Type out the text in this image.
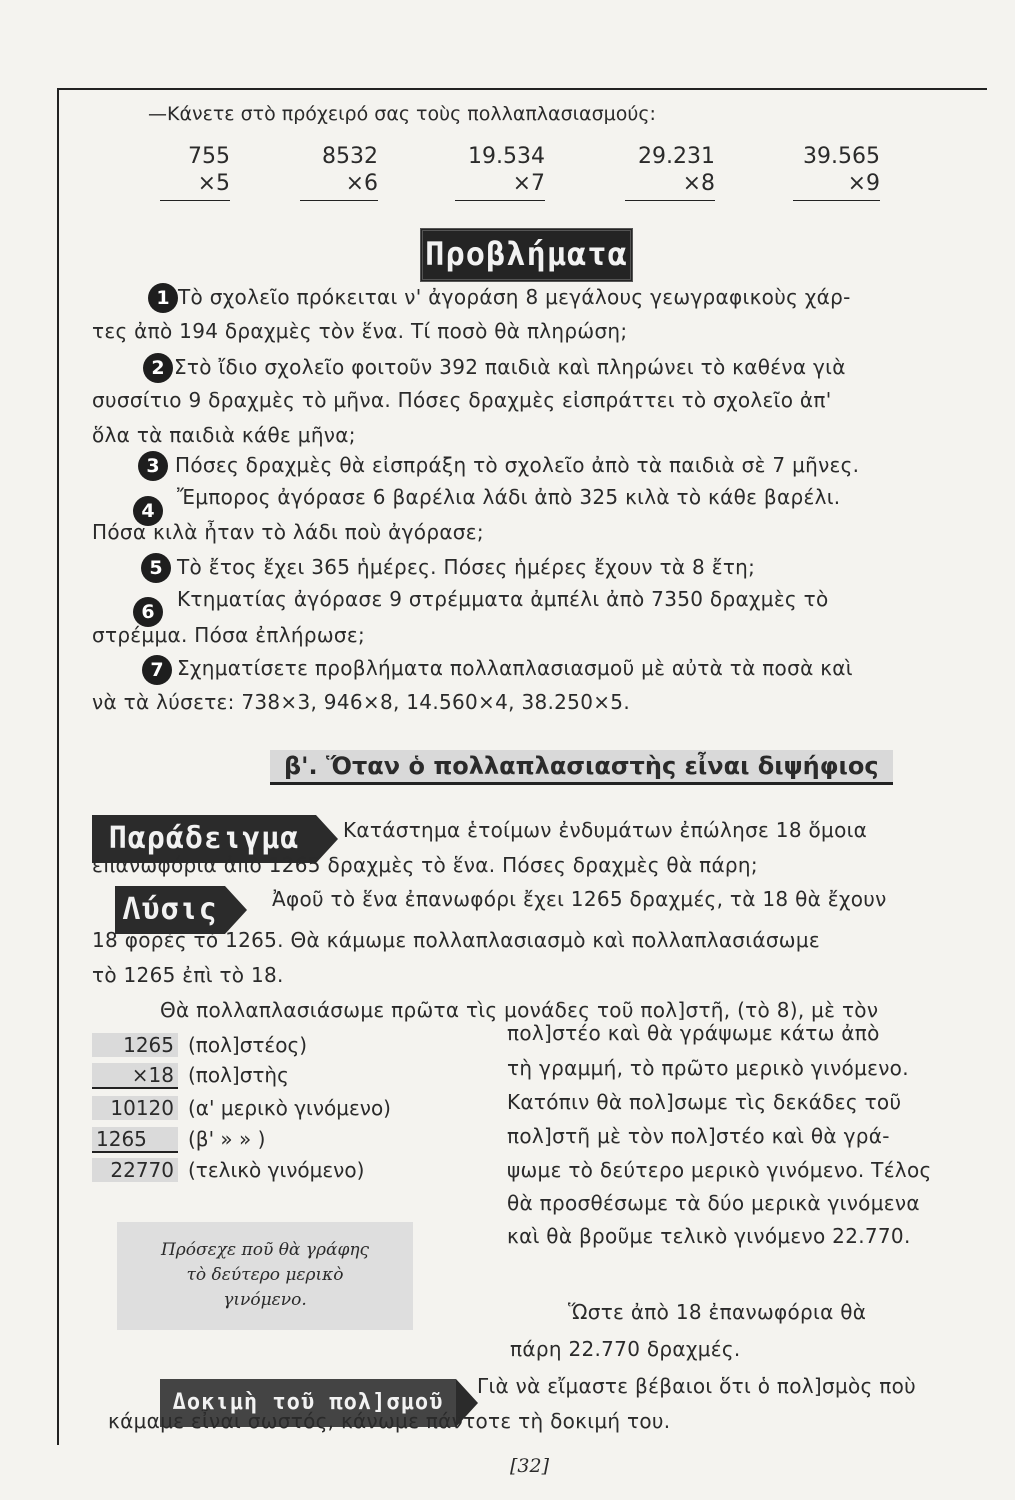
—Κάνετε στὸ πρόχειρό σας τοὺς πολλαπλασιασμούς:
755
×5
8532
×6
19.534
×7
29.231
×8
39.565
×9
Προβλήματα
1 Τὸ σχολεῖο πρόκειται ν' ἀγοράση 8 μεγάλους γεωγραφικοὺς χάρ-
τες ἀπὸ 194 δραχμὲς τὸν ἕνα. Τί ποσὸ θὰ πληρώση;
2 Στὸ ἴδιο σχολεῖο φοιτοῦν 392 παιδιὰ καὶ πληρώνει τὸ καθένα γιὰ
συσσίτιο 9 δραχμὲς τὸ μῆνα. Πόσες δραχμὲς εἰσπράττει τὸ σχολεῖο ἀπ'
ὅλα τὰ παιδιὰ κάθε μῆνα;
3 Πόσες δραχμὲς θὰ εἰσπράξη τὸ σχολεῖο ἀπὸ τὰ παιδιὰ σὲ 7 μῆνες.
4
Ἔμπορος ἀγόρασε 6 βαρέλια λάδι ἀπὸ 325 κιλὰ τὸ κάθε βαρέλι.
Πόσα κιλὰ ἦταν τὸ λάδι ποὺ ἀγόρασε;
5 Τὸ ἔτος ἔχει 365 ἡμέρες. Πόσες ἡμέρες ἔχουν τὰ 8 ἔτη;
6
Κτηματίας ἀγόρασε 9 στρέμματα ἀμπέλι ἀπὸ 7350 δραχμὲς τὸ
στρέμμα. Πόσα ἐπλήρωσε;
7 Σχηματίσετε προβλήματα πολλαπλασιασμοῦ μὲ αὐτὰ τὰ ποσὰ καὶ
νὰ τὰ λύσετε: 738×3, 946×8, 14.560×4, 38.250×5.
β'. Ὅταν ὁ πολλαπλασιαστὴς εἶναι διψήφιος
Παράδειγμα	Κατάστημα ἑτοίμων ἐνδυμάτων ἐπώλησε 18 ὅμοια
ἐπανωφόρια ἀπὸ 1265 δραχμὲς τὸ ἕνα. Πόσες δραχμὲς θὰ πάρη;
Λύσις	Ἀφοῦ τὸ ἕνα ἐπανωφόρι ἔχει 1265 δραχμές, τὰ 18 θὰ ἔχουν
18 φορὲς τὸ 1265. Θὰ κάμωμε πολλαπλασιασμὸ καὶ πολλαπλασιάσωμε
τὸ 1265 ἐπὶ τὸ 18.
Θὰ πολλαπλασιάσωμε πρῶτα τὶς μονάδες τοῦ πολ]στῆ, (τὸ 8), μὲ τὸν
πολ]στέο καὶ θὰ γράψωμε κάτω ἀπὸ
τὴ γραμμή, τὸ πρῶτο μερικὸ γινόμενο.
Κατόπιν θὰ πολ]σωμε τὶς δεκάδες τοῦ
πολ]στῆ μὲ τὸν πολ]στέο καὶ θὰ γρά-
ψωμε τὸ δεύτερο μερικὸ γινόμενο. Τέλος
θὰ προσθέσωμε τὰ δύο μερικὰ γινόμενα
καὶ θὰ βροῦμε τελικὸ γινόμενο 22.770.
1265 (πολ]στέος)
×18 (πολ]στὴς
10120 (α' μερικὸ γινόμενο)
1265	(β' » » )
22770 (τελικὸ γινόμενο)
Πρόσεχε ποῦ θὰ γράφης
τὸ δεύτερο μερικὸ
γινόμενο.	Ὥστε ἀπὸ 18 ἐπανωφόρια θὰ
πάρη 22.770 δραχμές.
Δοκιμὴ τοῦ πολ]σμοῦ
Γιὰ νὰ εἴμαστε βέβαιοι ὅτι ὁ πολ]σμὸς ποὺ
κάμαμε εἶναι σωστός, κάνωμε πάντοτε τὴ δοκιμή του.
[32]
